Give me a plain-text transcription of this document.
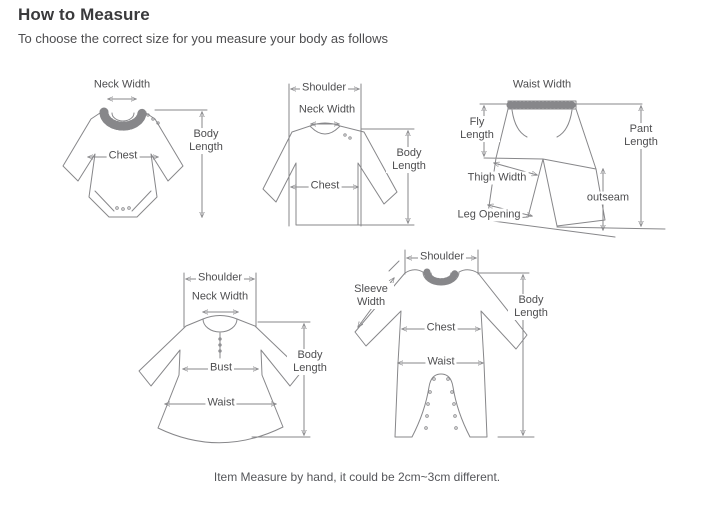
How to Measure
To choose the correct size for you measure your body as follows
Neck Width
Chest
Body Length
Shoulder
Neck Width
Chest
Body Length
Waist Width
Fly Length
Thigh Width
Leg Opening
outseam
Pant Length
Shoulder
Neck Width
Bust
Waist
Body Length
Shoulder
Sleeve Width
Chest
Waist
Body Length
Item Measure by hand, it could be 2cm~3cm different.
